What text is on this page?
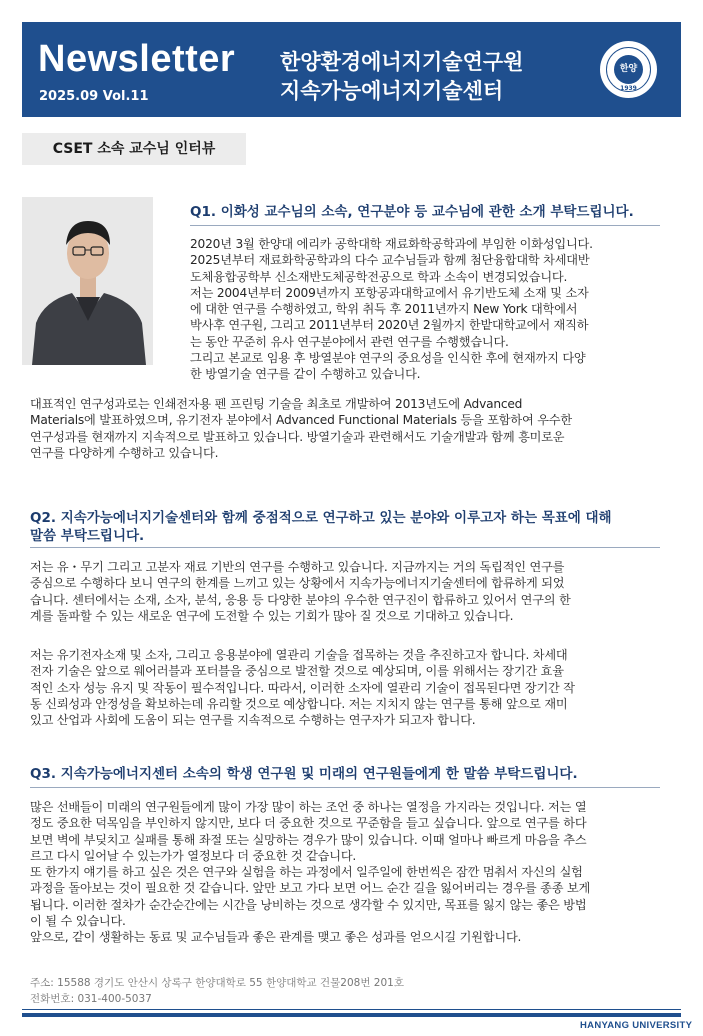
Newsletter
2025.09 Vol.11
한양환경에너지기술연구원
지속가능에너지기술센터
한양
1939
CSET 소속 교수님 인터뷰
Q1. 이화성 교수님의 소속, 연구분야 등 교수님에 관한 소개 부탁드립니다.

2020년 3월 한양대 에리카 공학대학 재료화학공학과에 부임한 이화성입니다.

2025년부터 재료화학공학과의 다수 교수님들과 함께 첨단융합대학 차세대반

도체융합공학부 신소재반도체공학전공으로 학과 소속이 변경되었습니다.

저는 2004년부터 2009년까지 포항공과대학교에서 유기반도체 소재 및 소자

에 대한 연구를 수행하였고, 학위 취득 후 2011년까지 New York 대학에서

박사후 연구원, 그리고 2011년부터 2020년 2월까지 한밭대학교에서 재직하

는 동안 꾸준히 유사 연구분야에서 관련 연구를 수행했습니다.

그리고 본교로 임용 후 방열분야 연구의 중요성을 인식한 후에 현재까지 다양

한 방열기술 연구를 같이 수행하고 있습니다.

대표적인 연구성과로는 인쇄전자용 펜 프린팅 기술을 최초로 개발하여 2013년도에 Advanced

Materials에 발표하였으며, 유기전자 분야에서 Advanced Functional Materials 등을 포함하여 우수한

연구성과를 현재까지 지속적으로 발표하고 있습니다. 방열기술과 관련해서도 기술개발과 함께 흥미로운

연구를 다양하게 수행하고 있습니다.

Q2. 지속가능에너지기술센터와 함께 중점적으로 연구하고 있는 분야와 이루고자 하는 목표에 대해
말씀 부탁드립니다.

저는 유・무기 그리고 고분자 재료 기반의 연구를 수행하고 있습니다. 지금까지는 거의 독립적인 연구를

중심으로 수행하다 보니 연구의 한계를 느끼고 있는 상황에서 지속가능에너지기술센터에 합류하게 되었

습니다. 센터에서는 소재, 소자, 분석, 응용 등 다양한 분야의 우수한 연구진이 합류하고 있어서 연구의 한

계를 돌파할 수 있는 새로운 연구에 도전할 수 있는 기회가 많아 질 것으로 기대하고 있습니다.

저는 유기전자소재 및 소자, 그리고 응용분야에 열관리 기술을 접목하는 것을 추진하고자 합니다. 차세대

전자 기술은 앞으로 웨어러블과 포터블을 중심으로 발전할 것으로 예상되며, 이를 위해서는 장기간 효율

적인 소자 성능 유지 및 작동이 필수적입니다. 따라서, 이러한 소자에 열관리 기술이 접목된다면 장기간 작

동 신뢰성과 안정성을 확보하는데 유리할 것으로 예상합니다. 저는 지치지 않는 연구를 통해 앞으로 재미

있고 산업과 사회에 도움이 되는 연구를 지속적으로 수행하는 연구자가 되고자 합니다.

Q3. 지속가능에너지센터 소속의 학생 연구원 및 미래의 연구원들에게 한 말씀 부탁드립니다.

많은 선배들이 미래의 연구원들에게 많이 가장 많이 하는 조언 중 하나는 열정을 가지라는 것입니다. 저는 열

정도 중요한 덕목임을 부인하지 않지만, 보다 더 중요한 것으로 꾸준함을 들고 싶습니다. 앞으로 연구를 하다

보면 벽에 부딪치고 실패를 통해 좌절 또는 실망하는 경우가 많이 있습니다. 이때 얼마나 빠르게 마음을 추스

르고 다시 일어날 수 있는가가 열정보다 더 중요한 것 같습니다.

또 한가지 얘기를 하고 싶은 것은 연구와 실험을 하는 과정에서 일주일에 한번씩은 잠깐 멈춰서 자신의 실험

과정을 돌아보는 것이 필요한 것 같습니다. 앞만 보고 가다 보면 어느 순간 길을 잃어버리는 경우를 종종 보게

됩니다. 이러한 절차가 순간순간에는 시간을 낭비하는 것으로 생각할 수 있지만, 목표를 잃지 않는 좋은 방법

이 될 수 있습니다.

앞으로, 같이 생활하는 동료 및 교수님들과 좋은 관계를 맺고 좋은 성과를 얻으시길 기원합니다.

주소: 15588 경기도 안산시 상록구 한양대학로 55 한양대학교 건물208번 201호
전화번호: 031-400-5037
HANYANG UNIVERSITY
